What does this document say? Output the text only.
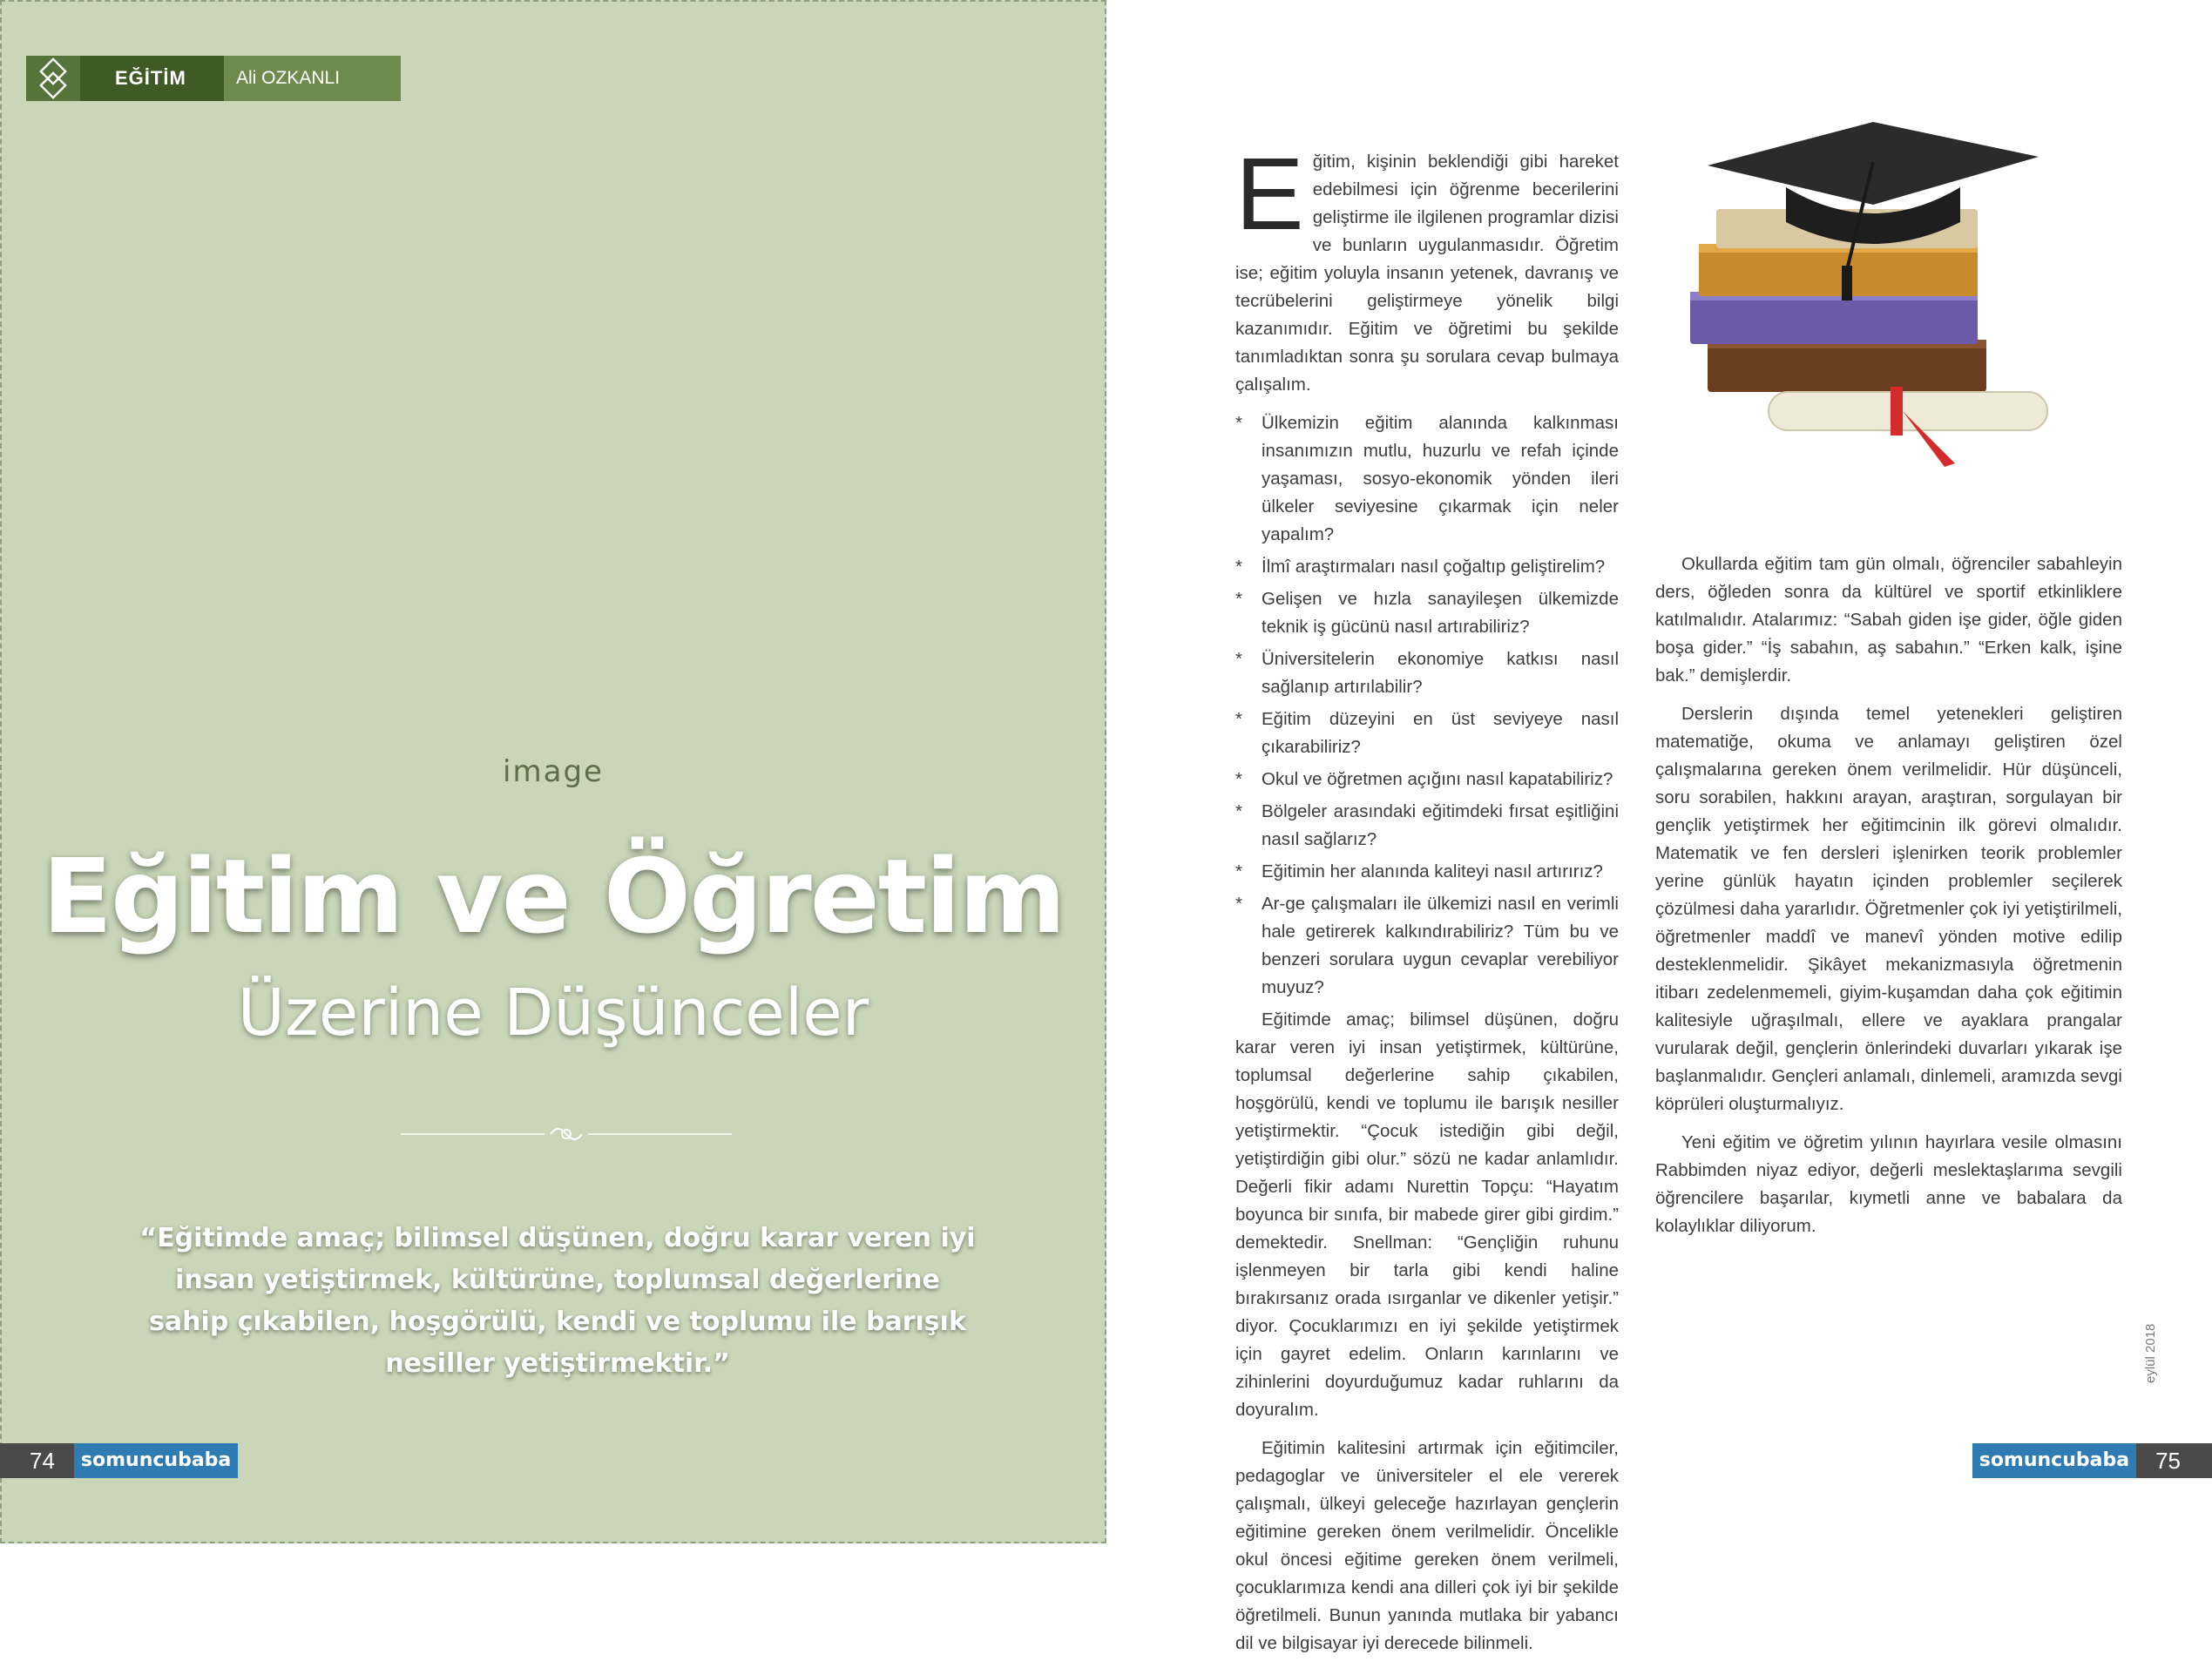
image
EĞİTİM	Ali OZKANLI
Eğitim ve Öğretim
Üzerine Düşünceler
“Eğitimde amaç; bilimsel düşünen, doğru karar veren iyi insan yetiştirmek, kültürüne, toplumsal değerlerine sahip çıkabilen, hoşgörülü, kendi ve toplumu ile barışık nesiller yetiştirmektir.”
74	somuncubaba
Eğitim, kişinin beklendiği gibi hareket edebilmesi için öğrenme becerilerini geliştirme ile ilgilenen programlar dizisi ve bunların uygulanmasıdır. Öğretim ise; eğitim yoluyla insanın yetenek, davranış ve tecrübelerini geliştirmeye yönelik bilgi kazanımıdır. Eğitim ve öğretimi bu şekilde tanımladıktan sonra şu sorulara cevap bulmaya çalışalım.
* Ülkemizin eğitim alanında kalkınması insanımızın mutlu, huzurlu ve refah içinde yaşaması, sosyo-ekonomik yönden ileri ülkeler seviyesine çıkarmak için neler yapalım?
* İlmî araştırmaları nasıl çoğaltıp geliştirelim?
* Gelişen ve hızla sanayileşen ülkemizde teknik iş gücünü nasıl artırabiliriz?
* Üniversitelerin ekonomiye katkısı nasıl sağlanıp artırılabilir?
* Eğitim düzeyini en üst seviyeye nasıl çıkarabiliriz?
* Okul ve öğretmen açığını nasıl kapatabiliriz?
* Bölgeler arasındaki eğitimdeki fırsat eşitliğini nasıl sağlarız?
* Eğitimin her alanında kaliteyi nasıl artırırız?
* Ar-ge çalışmaları ile ülkemizi nasıl en verimli hale getirerek kalkındırabiliriz? Tüm bu ve benzeri sorulara uygun cevaplar verebiliyor muyuz?

Eğitimde amaç; bilimsel düşünen, doğru karar veren iyi insan yetiştirmek, kültürüne, toplumsal değerlerine sahip çıkabilen, hoşgörülü, kendi ve toplumu ile barışık nesiller yetiştirmektir. “Çocuk istediğin gibi değil, yetiştirdiğin gibi olur.” sözü ne kadar anlamlıdır. Değerli fikir adamı Nurettin Topçu: “Hayatım boyunca bir sınıfa, bir mabede girer gibi girdim.” demektedir. Snellman: “Gençliğin ruhunu işlenmeyen bir tarla gibi kendi haline bırakırsanız orada ısırganlar ve dikenler yetişir.” diyor. Çocuklarımızı en iyi şekilde yetiştirmek için gayret edelim. Onların karınlarını ve zihinlerini doyurduğumuz kadar ruhlarını da doyuralım.

Eğitimin kalitesini artırmak için eğitimciler, pedagoglar ve üniversiteler el ele vererek çalışmalı, ülkeyi geleceğe hazırlayan gençlerin eğitimine gereken önem verilmelidir. Öncelikle okul öncesi eğitime gereken önem verilmeli, çocuklarımıza kendi ana dilleri çok iyi bir şekilde öğretilmeli. Bunun yanında mutlaka bir yabancı dil ve bilgisayar iyi derecede bilinmeli.

Okullarda eğitim tam gün olmalı, öğrenciler sabahleyin ders, öğleden sonra da kültürel ve sportif etkinliklere katılmalıdır. Atalarımız: “Sabah giden işe gider, öğle giden boşa gider.” “İş sabahın, aş sabahın.” “Erken kalk, işine bak.” demişlerdir.

Derslerin dışında temel yetenekleri geliştiren matematiğe, okuma ve anlamayı geliştiren özel çalışmalarına gereken önem verilmelidir. Hür düşünceli, soru sorabilen, hakkını arayan, araştıran, sorgulayan bir gençlik yetiştirmek her eğitimcinin ilk görevi olmalıdır. Matematik ve fen dersleri işlenirken teorik problemler yerine günlük hayatın içinden problemler seçilerek çözülmesi daha yararlıdır. Öğretmenler çok iyi yetiştirilmeli, öğretmenler maddî ve manevî yönden motive edilip desteklenmelidir. Şikâyet mekanizmasıyla öğretmenin itibarı zedelenmemeli, giyim-kuşamdan daha çok eğitimin kalitesiyle uğraşılmalı, ellere ve ayaklara prangalar vurularak değil, gençlerin önlerindeki duvarları yıkarak işe başlanmalıdır. Gençleri anlamalı, dinlemeli, aramızda sevgi köprüleri oluşturmalıyız.

Yeni eğitim ve öğretim yılının hayırlara vesile olmasını Rabbimden niyaz ediyor, değerli meslektaşlarıma sevgili öğrencilere başarılar, kıymetli anne ve babalara da kolaylıklar diliyorum.

eylül 2018
somuncubaba	75
